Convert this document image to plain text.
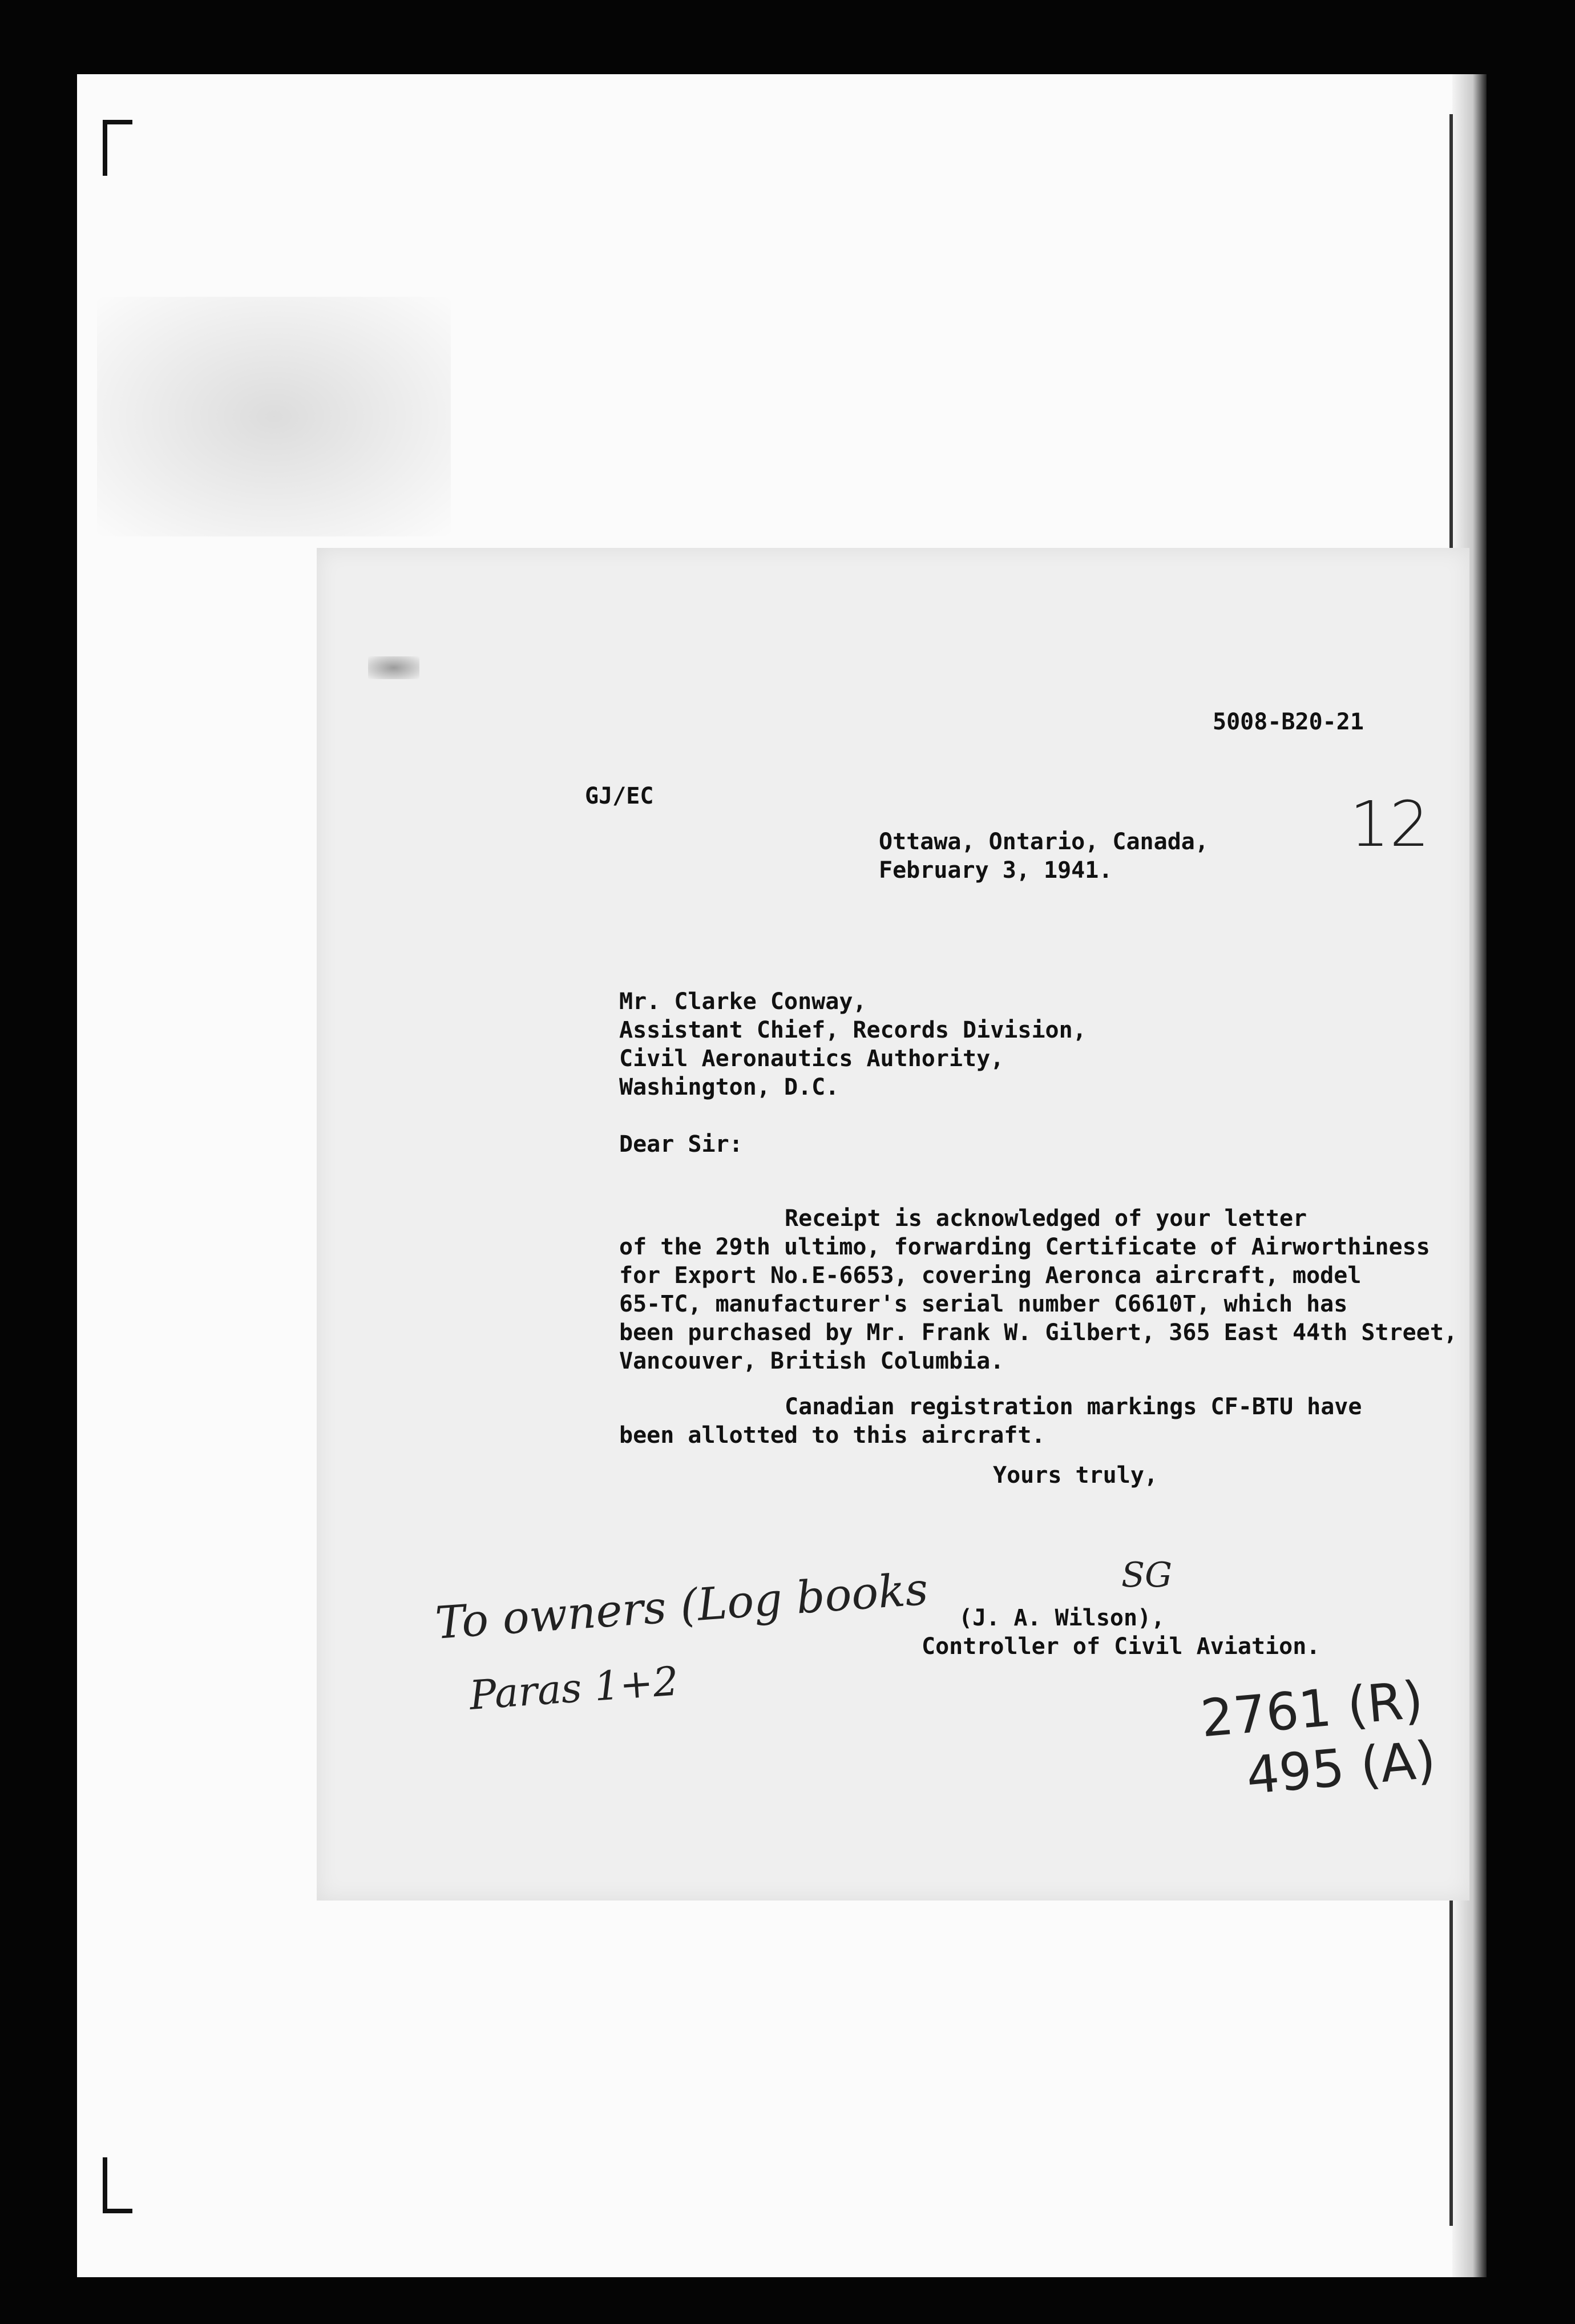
5008-B20-21

GJ/EC

Ottawa, Ontario, Canada,

February 3, 1941.

Mr. Clarke Conway,

Assistant Chief, Records Division,

Civil Aeronautics Authority,

Washington, D.C.

Dear Sir:

Receipt is acknowledged of your letter

of the 29th ultimo, forwarding Certificate of Airworthiness

for Export No.E-6653, covering Aeronca aircraft, model

65-TC, manufacturer's serial number C6610T, which has

been purchased by Mr. Frank W. Gilbert, 365 East 44th Street,

Vancouver, British Columbia.

Canadian registration markings CF-BTU have

been allotted to this aircraft.

Yours truly,

(J. A. Wilson),

Controller of Civil Aviation.

SG

12

To owners (Log books

Paras 1+2	2761 (R)

495 (A)
